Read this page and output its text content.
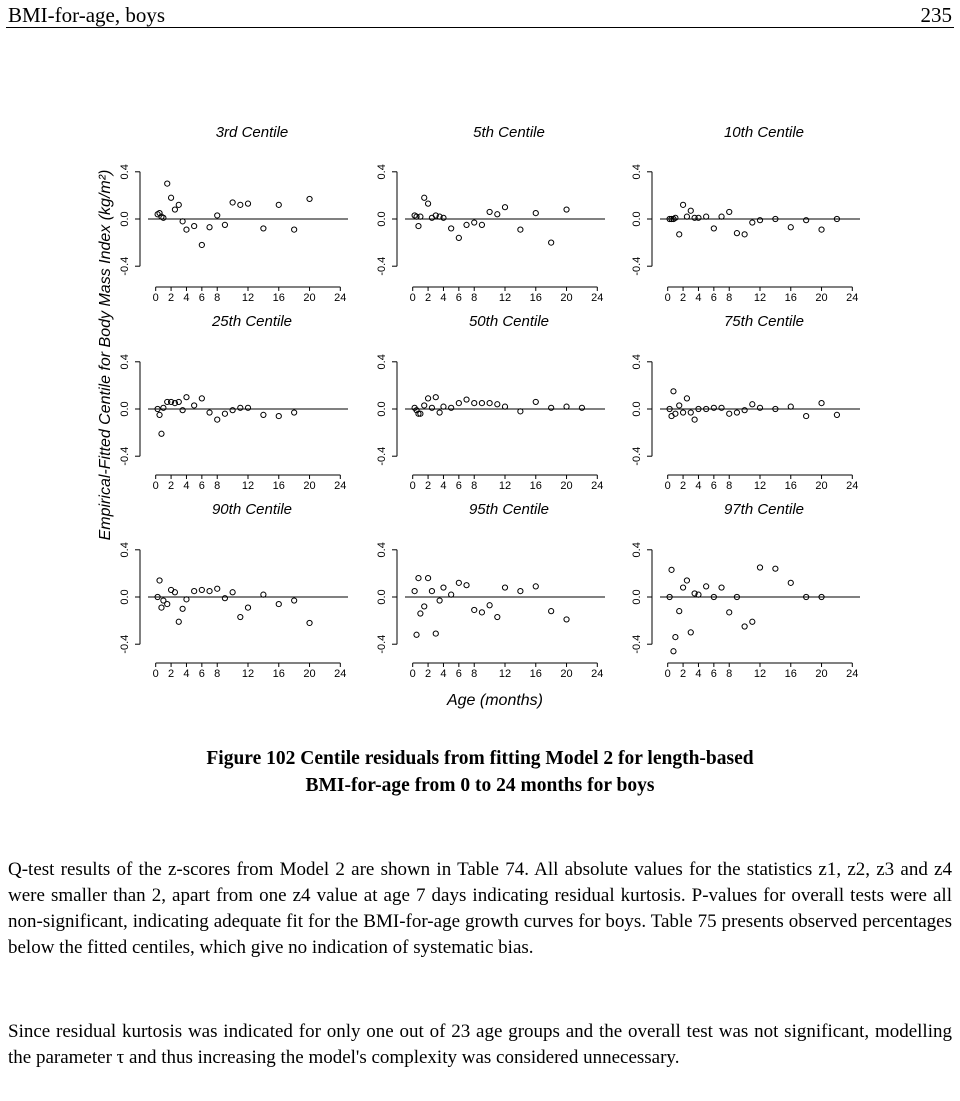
BMI-for-age, boys	235
3rd Centile
-0.4
0.0
0.4
0 2 4 6 8 12 16 20 24
5th Centile
-0.4
0.0
0.4
0 2 4 6 8 12 16 20 24
10th Centile
-0.4
0.0
0.4
0 2 4 6 8 12 16 20 24
25th Centile
-0.4
0.0
0.4
0 2 4 6 8 12 16 20 24
50th Centile
-0.4
0.0
0.4
0 2 4 6 8 12 16 20 24
75th Centile
-0.4
0.0
0.4
0 2 4 6 8 12 16 20 24
90th Centile
-0.4
0.0
0.4
0 2 4 6 8 12 16 20 24
95th Centile
-0.4
0.0
0.4
0 2 4 6 8 12 16 20 24
97th Centile
-0.4
0.0
0.4
0 2 4 6 8 12 16 20 24
Empirical-Fitted Centile for Body Mass Index (kg/m²)
Age (months)
Figure 102 Centile residuals from fitting Model 2 for length-based
BMI-for-age from 0 to 24 months for boys

Q-test results of the z-scores from Model 2 are shown in Table 74. All absolute values for the statistics z1, z2, z3 and z4 were smaller than 2, apart from one z4 value at age 7 days indicating residual kurtosis. P-values for overall tests were all non-significant, indicating adequate fit for the BMI-for-age growth curves for boys. Table 75 presents observed percentages below the fitted centiles, which give no indication of systematic bias.

Since residual kurtosis was indicated for only one out of 23 age groups and the overall test was not significant, modelling the parameter τ and thus increasing the model's complexity was considered unnecessary.
